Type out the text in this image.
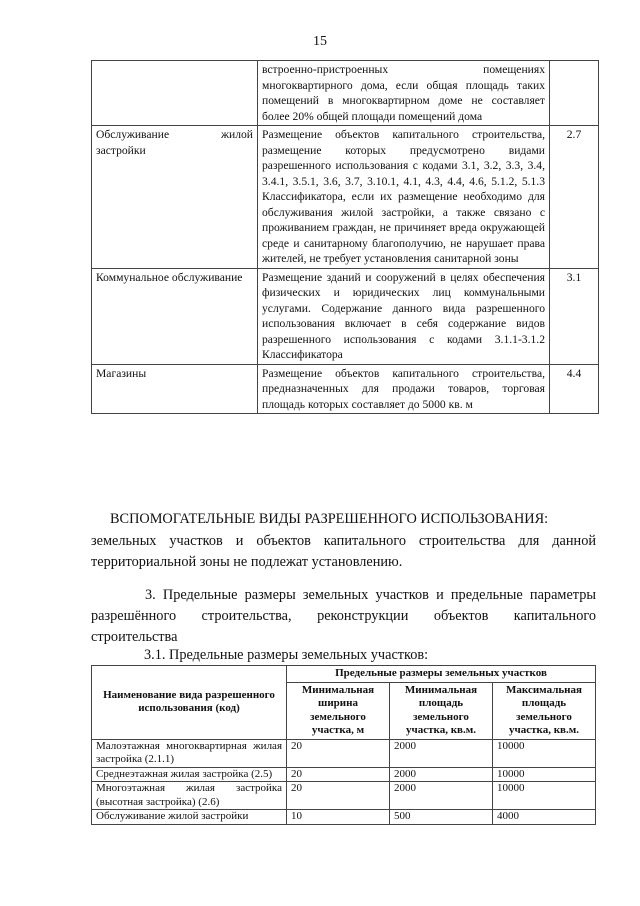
15
	встроенно-пристроенных помещениях многоквартирного дома, если общая площадь таких помещений в многоквартирном доме не составляет более 20% общей площади помещений дома	
Обслуживание жилой застройки	Размещение объектов капитального строительства, размещение которых предусмотрено видами разрешенного использования с кодами 3.1, 3.2, 3.3, 3.4, 3.4.1, 3.5.1, 3.6, 3.7, 3.10.1, 4.1, 4.3, 4.4, 4.6, 5.1.2, 5.1.3 Классификатора, если их размещение необходимо для обслуживания жилой застройки, а также связано с проживанием граждан, не причиняет вреда окружающей среде и санитарному благополучию, не нарушает права жителей, не требует установления санитарной зоны	2.7
Коммунальное обслуживание	Размещение зданий и сооружений в целях обеспечения физических и юридических лиц коммунальными услугами. Содержание данного вида разрешенного использования включает в себя содержание видов разрешенного использования с кодами 3.1.1-3.1.2 Классификатора	3.1
Магазины	Размещение объектов капитального строительства, предназначенных для продажи товаров, торговая площадь которых составляет до 5000 кв. м	4.4
ВСПОМОГАТЕЛЬНЫЕ ВИДЫ РАЗРЕШЕННОГО ИСПОЛЬЗОВАНИЯ:
земельных участков и объектов капитального строительства для данной территориальной зоны не подлежат установлению.
3. Предельные размеры земельных участков и предельные параметры разрешённого строительства, реконструкции объектов капитального строительства
3.1. Предельные размеры земельных участков:
Наименование вида разрешенного использования (код)	Предельные размеры земельных участков		
	Минимальная ширина земельного участка, м	Минимальная площадь земельного участка, кв.м.	Максимальная площадь земельного участка, кв.м.
Малоэтажная многоквартирная жилая застройка (2.1.1)	20	2000	10000
Среднеэтажная жилая застройка (2.5)	20	2000	10000
Многоэтажная жилая застройка (высотная застройка) (2.6)	20	2000	10000
Обслуживание жилой застройки	10	500	4000
